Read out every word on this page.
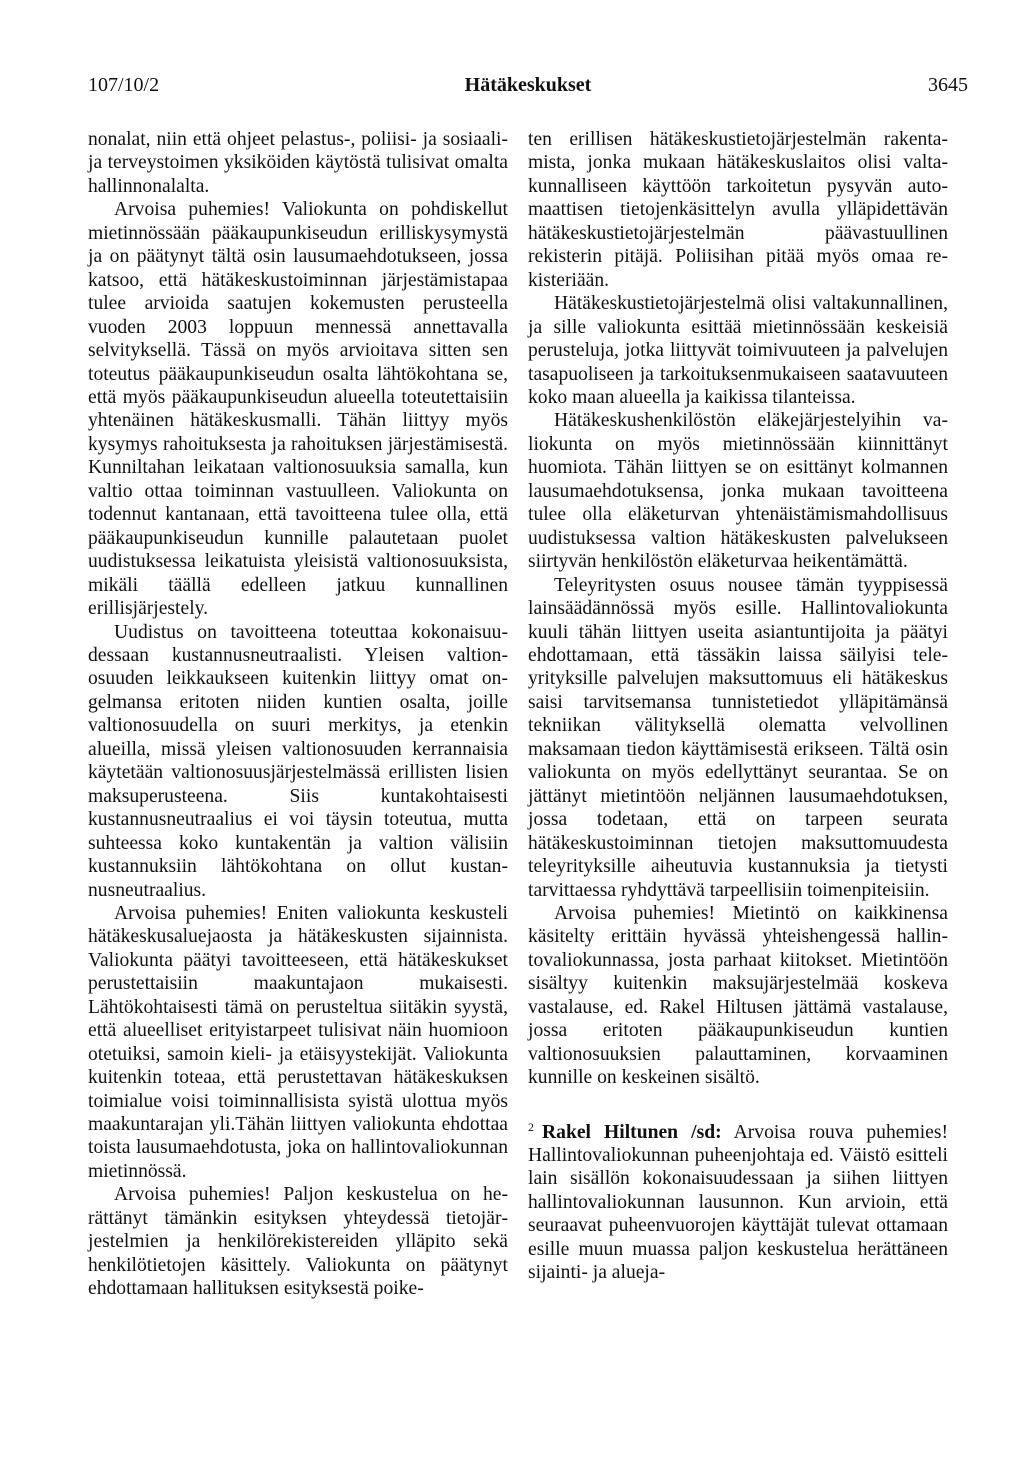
107/10/2	Hätäkeskukset	3645

nonalat, niin että ohjeet pelastus-, poliisi- ja sosiaali- ja terveystoimen yksiköiden käytöstä tulisivat omalta hallinnonalalta.

Arvoisa puhemies! Valiokunta on pohdiskellut mietinnössään pääkaupunkiseudun erilliskysymystä ja on päätynyt tältä osin lausumaehdotukseen, jossa katsoo, että hätäkeskustoiminnan järjestämistapaa tulee arvioida saatujen kokemusten perusteella vuoden 2003 loppuun mennessä annettavalla selvityksellä. Tässä on myös arvioitava sitten sen toteutus pääkaupunkiseudun osalta lähtökohtana se, että myös pääkaupunkiseudun alueella toteutettaisiin yhtenäinen hätäkeskusmalli. Tähän liittyy myös kysymys rahoituksesta ja rahoituksen järjestämisestä. Kunniltahan leikataan valtionosuuksia samalla, kun valtio ottaa toiminnan vastuulleen. Valiokunta on todennut kantanaan, että tavoitteena tulee olla, että pääkaupunkiseudun kunnille palautetaan puolet uudistuksessa leikatuista yleisistä valtionosuuksista, mikäli täällä edelleen jatkuu kunnallinen erillisjärjestely.

Uudistus on tavoitteena toteuttaa kokonaisuudessaan kustannusneutraalisti. Yleisen valtionosuuden leikkaukseen kuitenkin liittyy omat ongelmansa eritoten niiden kuntien osalta, joille valtionosuudella on suuri merkitys, ja etenkin alueilla, missä yleisen valtionosuuden kerrannaisia käytetään valtionosuusjärjestelmässä erillisten lisien maksuperusteena. Siis kuntakohtaisesti kustannusneutraalius ei voi täysin toteutua, mutta suhteessa koko kuntakentän ja valtion välisiin kustannuksiin lähtökohtana on ollut kustannusneutraalius.

Arvoisa puhemies! Eniten valiokunta keskusteli hätäkeskusaluejaosta ja hätäkeskusten sijainnista. Valiokunta päätyi tavoitteeseen, että hätäkeskukset perustettaisiin maakuntajaon mukaisesti. Lähtökohtaisesti tämä on perusteltua siitäkin syystä, että alueelliset erityistarpeet tulisivat näin huomioon otetuiksi, samoin kieli- ja etäisyystekijät. Valiokunta kuitenkin toteaa, että perustettavan hätäkeskuksen toimialue voisi toiminnallisista syistä ulottua myös maakuntarajan yli.Tähän liittyen valiokunta ehdottaa toista lausumaehdotusta, joka on hallintovaliokunnan mietinnössä.

Arvoisa puhemies! Paljon keskustelua on herättänyt tämänkin esityksen yhteydessä tietojärjestelmien ja henkilörekistereiden ylläpito sekä henkilötietojen käsittely. Valiokunta on päätynyt ehdottamaan hallituksen esityksestä poike-

ten erillisen hätäkeskustietojärjestelmän rakentamista, jonka mukaan hätäkeskuslaitos olisi valtakunnalliseen käyttöön tarkoitetun pysyvän automaattisen tietojenkäsittelyn avulla ylläpidettävän hätäkeskustietojärjestelmän päävastuullinen rekisterin pitäjä. Poliisihan pitää myös omaa rekisteriään.

Hätäkeskustietojärjestelmä olisi valtakunnallinen, ja sille valiokunta esittää mietinnössään keskeisiä perusteluja, jotka liittyvät toimivuuteen ja palvelujen tasapuoliseen ja tarkoituksenmukaiseen saatavuuteen koko maan alueella ja kaikissa tilanteissa.

Hätäkeskushenkilöstön eläkejärjestelyihin valiokunta on myös mietinnössään kiinnittänyt huomiota. Tähän liittyen se on esittänyt kolmannen lausumaehdotuksensa, jonka mukaan tavoitteena tulee olla eläketurvan yhtenäistämismahdollisuus uudistuksessa valtion hätäkeskusten palvelukseen siirtyvän henkilöstön eläketurvaa heikentämättä.

Teleyritysten osuus nousee tämän tyyppisessä lainsäädännössä myös esille. Hallintovaliokunta kuuli tähän liittyen useita asiantuntijoita ja päätyi ehdottamaan, että tässäkin laissa säilyisi teleyrityksille palvelujen maksuttomuus eli hätäkeskus saisi tarvitsemansa tunnistetiedot ylläpitämänsä tekniikan välityksellä olematta velvollinen maksamaan tiedon käyttämisestä erikseen. Tältä osin valiokunta on myös edellyttänyt seurantaa. Se on jättänyt mietintöön neljännen lausumaehdotuksen, jossa todetaan, että on tarpeen seurata hätäkeskustoiminnan tietojen maksuttomuudesta teleyrityksille aiheutuvia kustannuksia ja tietysti tarvittaessa ryhdyttävä tarpeellisiin toimenpiteisiin.

Arvoisa puhemies! Mietintö on kaikkinensa käsitelty erittäin hyvässä yhteishengessä hallintovaliokunnassa, josta parhaat kiitokset. Mietintöön sisältyy kuitenkin maksujärjestelmää koskeva vastalause, ed. Rakel Hiltusen jättämä vastalause, jossa eritoten pääkaupunkiseudun kuntien valtionosuuksien palauttaminen, korvaaminen kunnille on keskeinen sisältö.

$^2$ Rakel Hiltunen /sd: Arvoisa rouva puhemies! Hallintovaliokunnan puheenjohtaja ed. Väistö esitteli lain sisällön kokonaisuudessaan ja siihen liittyen hallintovaliokunnan lausunnon. Kun arvioin, että seuraavat puheenvuorojen käyttäjät tulevat ottamaan esille muun muassa paljon keskustelua herättäneen sijainti- ja alueja-
